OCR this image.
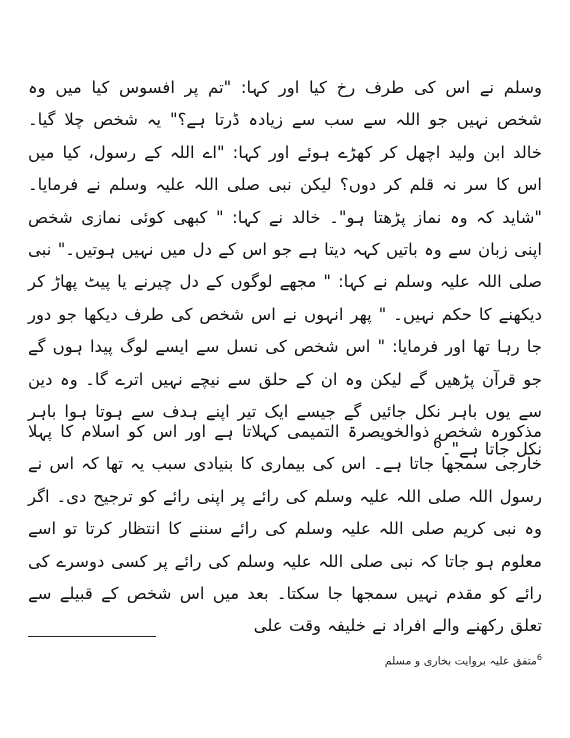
وسلم نے اس کی طرف رخ کیا اور کہا: "تم پر افسوس کیا میں وہ شخص نہیں جو اللہ سے سب سے زیادہ ڈرتا ہے؟" یہ شخص چلا گیا۔ خالد ابن ولید اچھل کر کھڑے ہوئے اور کہا: "اے اللہ کے رسول، کیا میں اس کا سر نہ قلم کر دوں؟ لیکن نبی صلی اللہ علیہ وسلم نے فرمایا۔ "شاید کہ وہ نماز پڑھتا ہو"۔ خالد نے کہا: " کبھی کوئی نمازی شخص اپنی زبان سے وہ باتیں کہہ دیتا ہے جو اس کے دل میں نہیں ہوتیں۔" نبی صلی اللہ علیہ وسلم نے کہا: " مجھے لوگوں کے دل چیرنے یا پیٹ پھاڑ کر دیکھنے کا حکم نہیں۔ " پھر انہوں نے اس شخص کی طرف دیکھا جو دور جا رہا تھا اور فرمایا: " اس شخص کی نسل سے ایسے لوگ پیدا ہوں گے جو قرآن پڑھیں گے لیکن وہ ان کے حلق سے نیچے نہیں اترے گا۔ وہ دین سے یوں باہر نکل جائیں گے جیسے ایک تیر اپنے ہدف سے ہوتا ہوا باہر نکل جاتا ہے"۔$^6$

مذکورہ شخص ذوالخویصرۃ التمیمی کہلاتا ہے اور اس کو اسلام کا پہلا خارجی سمجھا جاتا ہے۔ اس کی بیماری کا بنیادی سبب یہ تھا کہ اس نے رسول اللہ صلی اللہ علیہ وسلم کی رائے پر اپنی رائے کو ترجیح دی۔ اگر وہ نبی کریم صلی اللہ علیہ وسلم کی رائے سننے کا انتظار کرتا تو اسے معلوم ہو جاتا کہ نبی صلی اللہ علیہ وسلم کی رائے پر کسی دوسرے کی رائے کو مقدم نہیں سمجھا جا سکتا۔ بعد میں اس شخص کے قبیلے سے تعلق رکھنے والے افراد نے خلیفہ وقت علی

$^6$متفق علیہ بروایت بخاری و مسلم
